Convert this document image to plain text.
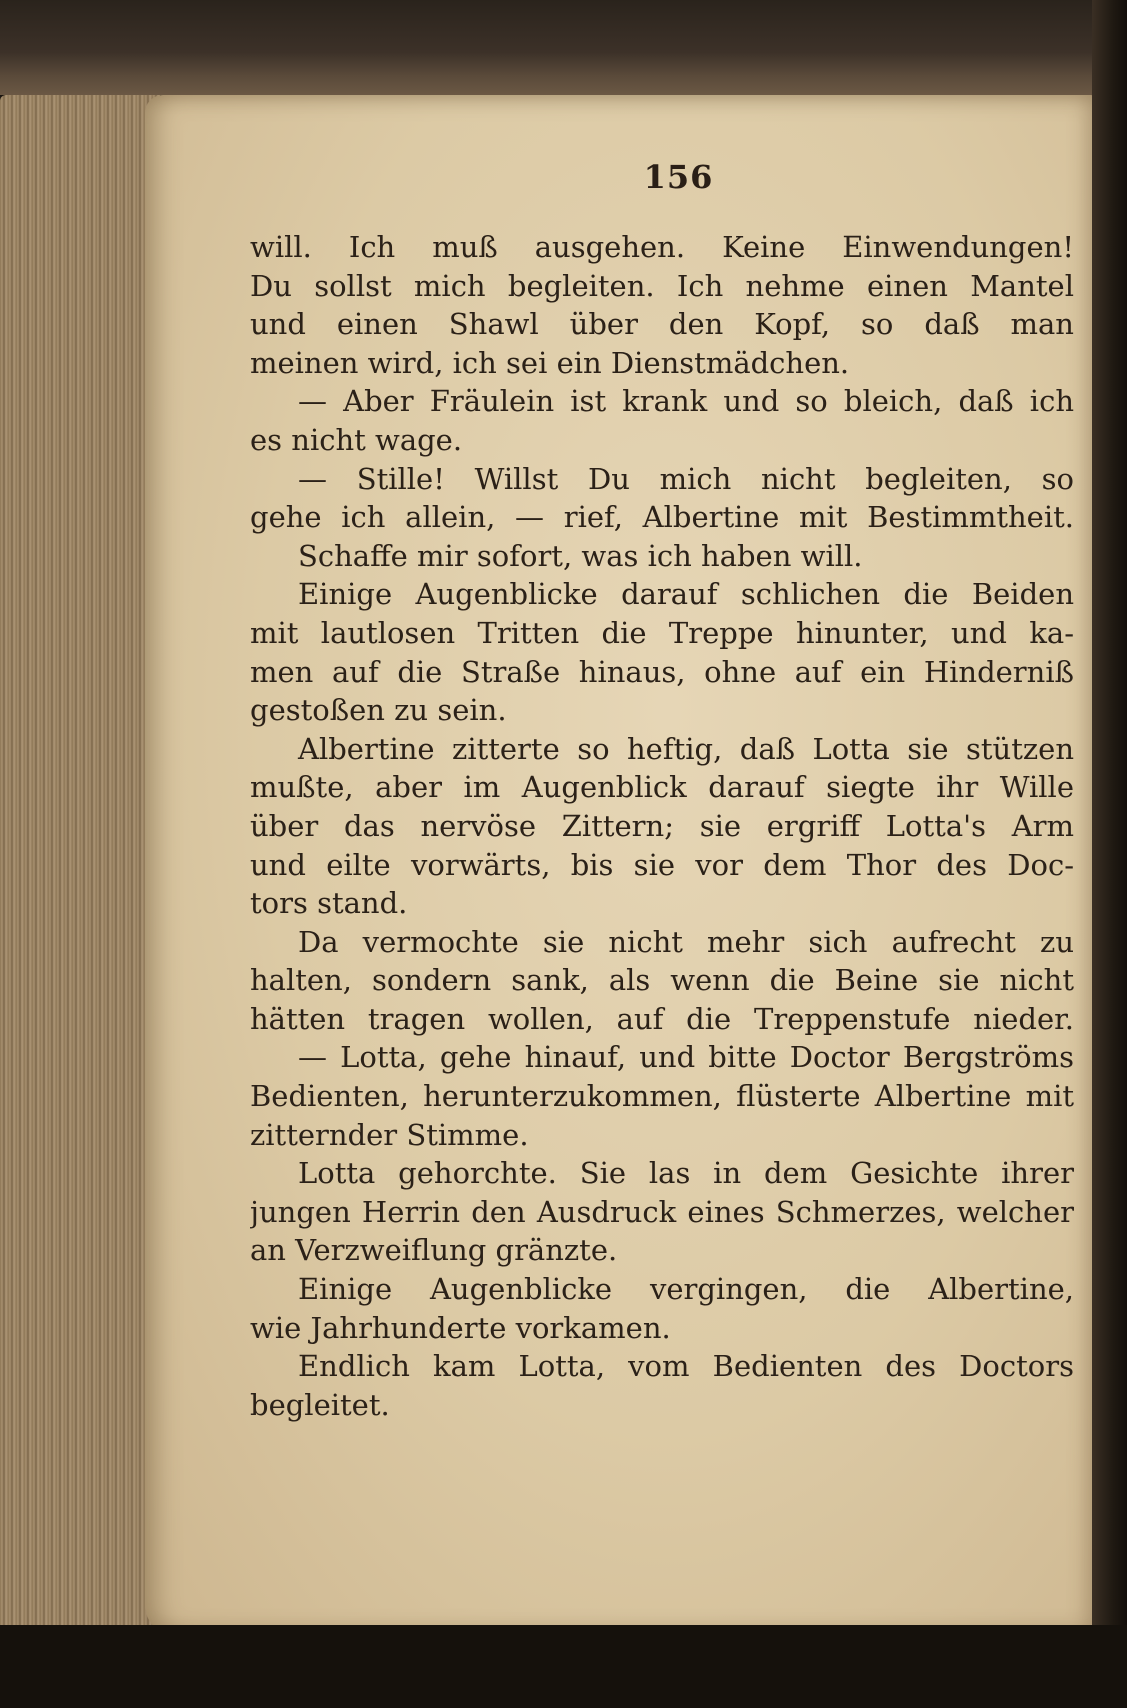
156
will. Ich muß ausgehen. Keine Einwendungen!
Du sollst mich begleiten. Ich nehme einen Mantel
und einen Shawl über den Kopf, so daß man
meinen wird, ich sei ein Dienstmädchen.
— Aber Fräulein ist krank und so bleich, daß ich
es nicht wage.
— Stille! Willst Du mich nicht begleiten, so
gehe ich allein, — rief, Albertine mit Bestimmtheit.
Schaffe mir sofort, was ich haben will.
Einige Augenblicke darauf schlichen die Beiden
mit lautlosen Tritten die Treppe hinunter, und ka-
men auf die Straße hinaus, ohne auf ein Hinderniß
gestoßen zu sein.
Albertine zitterte so heftig, daß Lotta sie stützen
mußte, aber im Augenblick darauf siegte ihr Wille
über das nervöse Zittern; sie ergriff Lotta's Arm
und eilte vorwärts, bis sie vor dem Thor des Doc-
tors stand.
Da vermochte sie nicht mehr sich aufrecht zu
halten, sondern sank, als wenn die Beine sie nicht
hätten tragen wollen, auf die Treppenstufe nieder.
— Lotta, gehe hinauf, und bitte Doctor Bergströms
Bedienten, herunterzukommen, flüsterte Albertine mit
zitternder Stimme.
Lotta gehorchte. Sie las in dem Gesichte ihrer
jungen Herrin den Ausdruck eines Schmerzes, welcher
an Verzweiflung gränzte.
Einige Augenblicke vergingen, die Albertine,
wie Jahrhunderte vorkamen.
Endlich kam Lotta, vom Bedienten des Doctors
begleitet.
